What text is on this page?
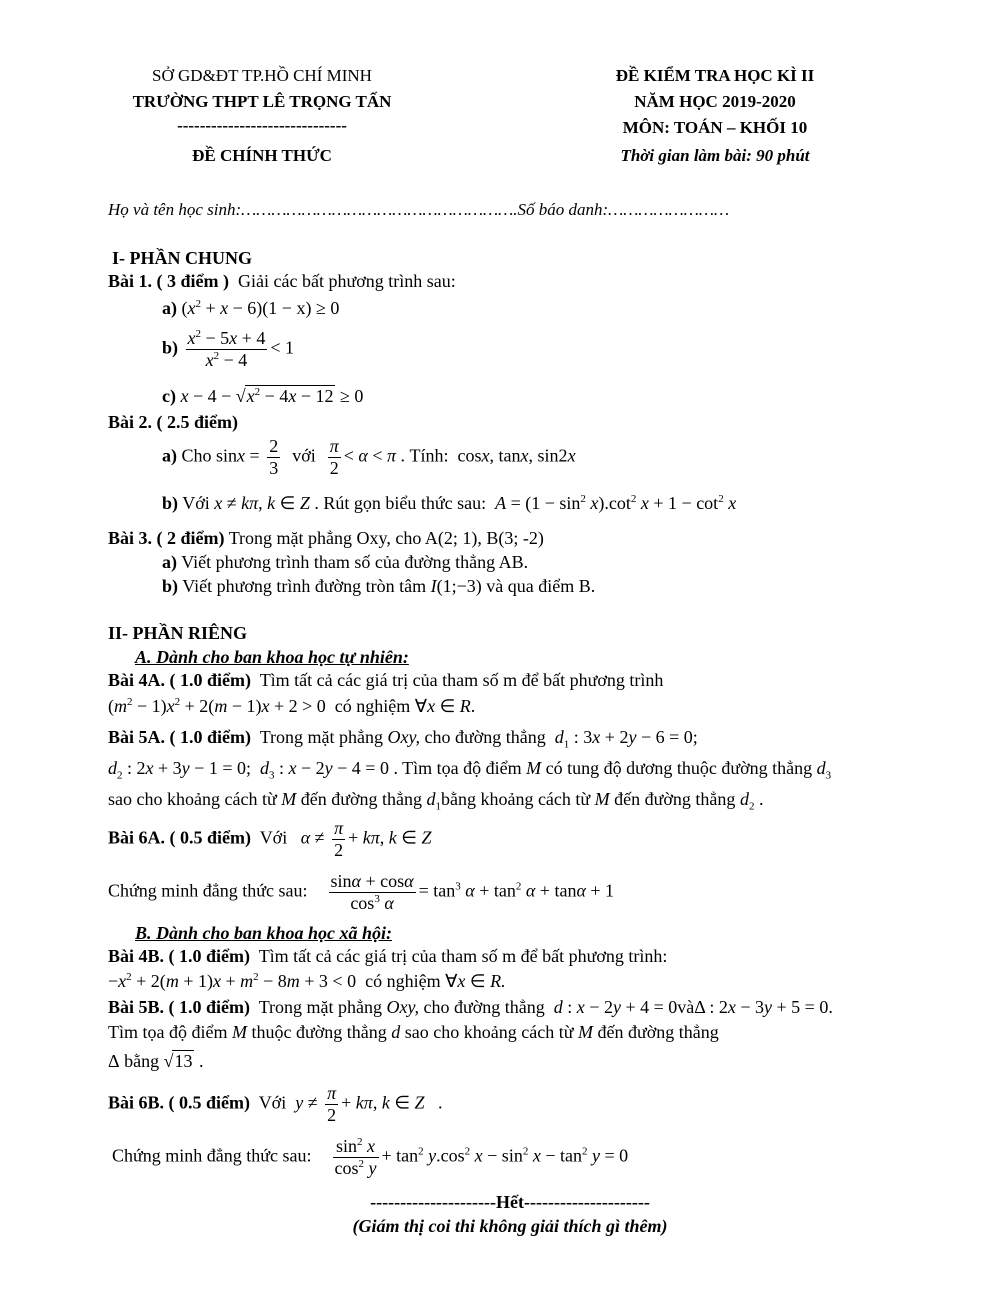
SỞ GD&ĐT TP.HỒ CHÍ MINH
TRƯỜNG THPT LÊ TRỌNG TẤN
------------------------------
ĐỀ CHÍNH THỨC
ĐỀ KIỂM TRA HỌC KÌ II
NĂM HỌC 2019-2020
MÔN: TOÁN – KHỐI 10
Thời gian làm bài: 90 phút
Họ và tên học sinh:……………………………………………….Số báo danh:……………………
I- PHẦN CHUNG
Bài 1. ( 3 điểm ) Giải các bất phương trình sau:
a) $(x^2 + x - 6)(1 - x) \ge 0$
$b) \frac{x^2 - 5x + 4}{x^2 - 4} < 1$
c) $x - 4 - √x^2 - 4x - 12 \ge 0$
Bài 2. ( 2.5 điểm)
a) Cho $\sin x = \frac{2}{3}$ với $\frac{\pi}{2} < \alpha < \pi$ . Tính:  cosx, tanx, sin2x
b) Với x ≠ kπ, k ∈ Z . Rút gọn biểu thức sau: $A = (1 - \sin^2 x).\cot^2$ $x + 1 - \cot^2 x$
Bài 3. ( 2 điểm) Trong mặt phẳng Oxy, cho A(2; 1), B(3; -2)
a) Viết phương trình tham số của đường thẳng AB.
b) Viết phương trình đường tròn tâm I(1;−3) và qua điểm B.
II- PHẦN RIÊNG
A. Dành cho ban khoa học tự nhiên:
Bài 4A. ( 1.0 điểm) Tìm tất cả các giá trị của tham số m để bất phương trình
$(m^2 - 1)x^2 + 2(m - 1)x + 2 > 0$  có nghiệm ∀x ∈ R.
Bài 5A. ( 1.0 điểm) Trong mặt phẳng Oxy, cho đường thẳng $d_1$ : 3x + 2y − 6 = 0;
$d_2$ : 2x + 3y − 1 = 0;  $d_3$ : x − 2y − 4 = 0 . Tìm tọa độ điểm M có tung độ dương thuộc đường thẳng $d_3$
sao cho khoảng cách từ M đến đường thẳng $d_1bằng$ khoảng cách từ M đến đường thẳng $d_2$ .
Bài 6A. ( 0.5 điểm) Với $\alpha \ne \frac{\pi}{2} + k\pi$, k ∈ Z
Chứng minh đẳng thức sau: $\frac{\sin\alpha + \cos\alpha}{\cos^3 \alpha} = \tan^3 \alpha + \tan^2 \alpha + \tan\alpha + 1$
B. Dành cho ban khoa học xã hội:
Bài 4B. ( 1.0 điểm) Tìm tất cả các giá trị của tham số m để bất phương trình:
$-x^2 + 2(m + 1)x + m^2 - 8m + 3 < 0$  có nghiệm ∀x ∈ R.
Bài 5B. ( 1.0 điểm) Trong mặt phẳng Oxy, cho đường thẳng d : x − 2y + 4 = 0vàΔ : 2x − 3y + 5 = 0.
Tìm tọa độ điểm M thuộc đường thẳng d sao cho khoảng cách từ M đến đường thẳng
Δ bằng √13 .
Bài 6B. ( 0.5 điểm) Với $y \ne \frac{\pi}{2} + k\pi$, k ∈ Z   .
Chứng minh đẳng thức sau: $\frac{\sin^2 x}{\cos^2 y} + \tan^2 y.\cos^2$ $x - \sin^2 x - \tan^2 y = 0$
---------------------Hết---------------------
(Giám thị coi thi không giải thích gì thêm)
